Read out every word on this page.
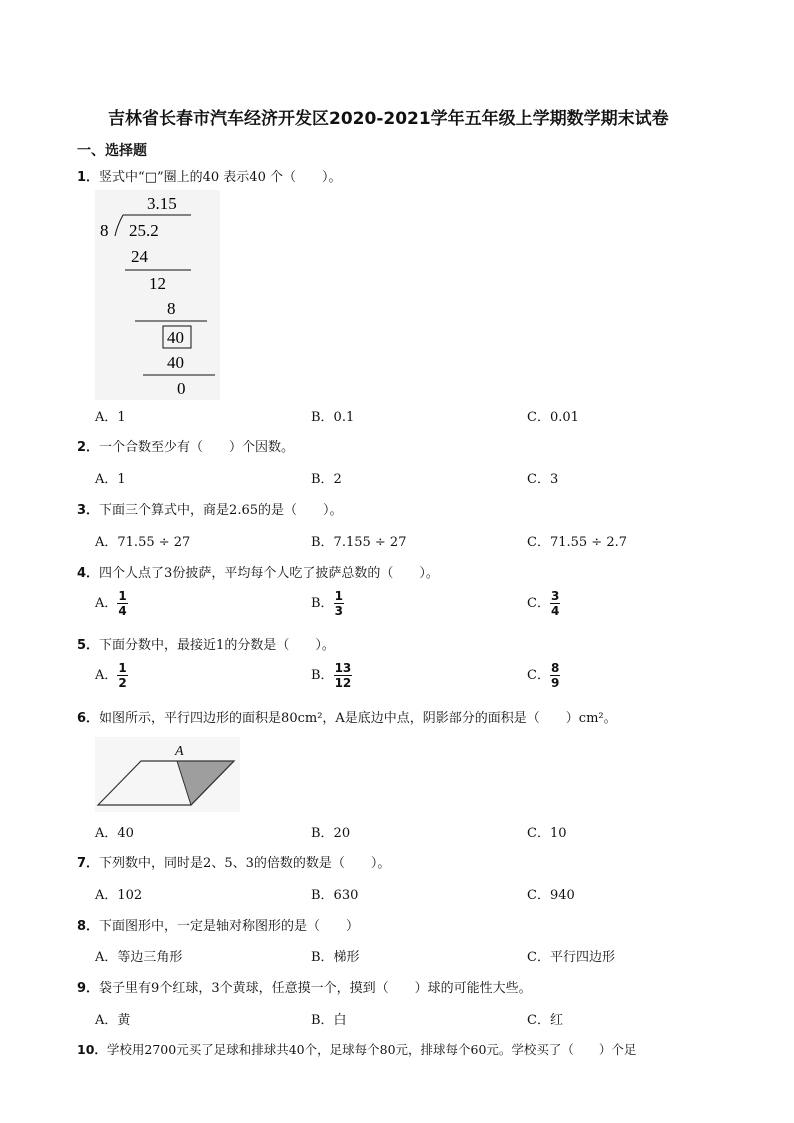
吉林省长春市汽车经济开发区2020-2021学年五年级上学期数学期末试卷
一、选择题
1．竖式中“□”圈上的40 表示40 个（　　）。
3.15
8 25.2
24
12
8
40
40
0
A．1	B．0.1	C．0.01
2．一个合数至少有（　　）个因数。
A．1	B．2	C．3
3．下面三个算式中，商是2.65的是（　　）。
A．71.55 ÷ 27	B．7.155 ÷ 27	C．71.55 ÷ 2.7
4．四个人点了3份披萨，平均每个人吃了披萨总数的（　　）。
A． $\frac{1}{4}$	B． $\frac{1}{3}$	C． $\frac{3}{4}$
5．下面分数中，最接近1的分数是（　　）。
A． $\frac{1}{2}$	B． $\frac{13}{12}$	C． $\frac{8}{9}$
6．如图所示，平行四边形的面积是80cm²，A是底边中点，阴影部分的面积是（　　）cm²。
A
A．40	B．20	C．10
7．下列数中，同时是2、5、3的倍数的数是（　　）。
A．102	B．630	C．940
8．下面图形中，一定是轴对称图形的是（　　）
A．等边三角形	B．梯形	C．平行四边形
9．袋子里有9个红球，3个黄球，任意摸一个，摸到（　　）球的可能性大些。
A．黄	B．白	C．红
10．学校用2700元买了足球和排球共40个，足球每个80元，排球每个60元。学校买了（　　）个足
